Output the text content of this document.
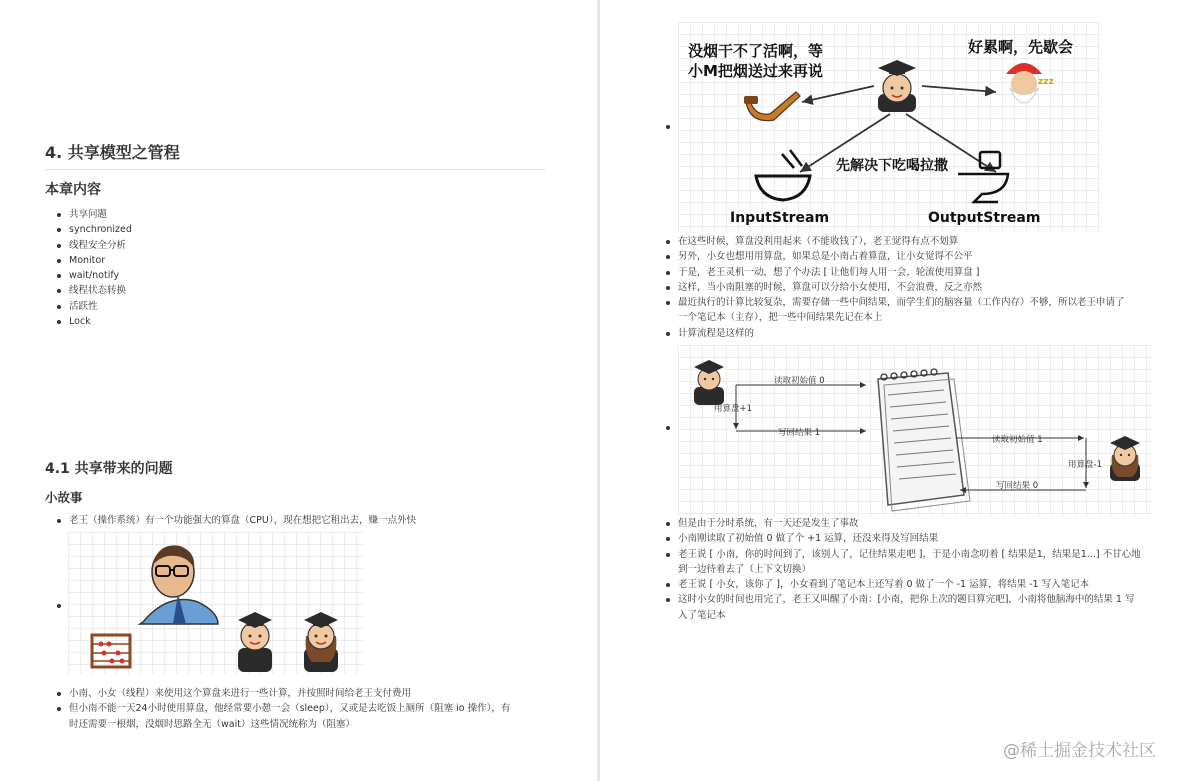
4. 共享模型之管程
本章内容
共享问题
synchronized
线程安全分析
Monitor
wait/notify
线程状态转换
活跃性
Lock
4.1 共享带来的问题
小故事
老王（操作系统）有一个功能强大的算盘（CPU），现在想把它租出去，赚一点外快
小南、小女（线程）来使用这个算盘来进行一些计算，并按照时间给老王支付费用
但小南不能一天24小时使用算盘，他经常要小憩一会（sleep），又或是去吃饭上厕所（阻塞 io 操作），有
时还需要一根烟，没烟时思路全无（wait）这些情况统称为（阻塞）
没烟干不了活啊，等
小M把烟送过来再说
好累啊，先歇会
zzz
先解决下吃喝拉撒
InputStream	OutputStream
在这些时候，算盘没利用起来（不能收钱了），老王觉得有点不划算
另外，小女也想用用算盘，如果总是小南占着算盘，让小女觉得不公平
于是，老王灵机一动，想了个办法 [ 让他们每人用一会，轮流使用算盘 ]
这样，当小南阻塞的时候，算盘可以分给小女使用，不会浪费，反之亦然
最近执行的计算比较复杂，需要存储一些中间结果，而学生们的脑容量（工作内存）不够，所以老王申请了
一个笔记本（主存），把一些中间结果先记在本上
计算流程是这样的
读取初始值 0
用算盘+1
写回结果 1
读取初始值 1
用算盘-1
写回结果 0
但是由于分时系统，有一天还是发生了事故
小南刚读取了初始值 0 做了个 +1 运算，还没来得及写回结果
老王说 [ 小南，你的时间到了，该别人了，记住结果走吧 ]，于是小南念叨着 [ 结果是1，结果是1...] 不甘心地
到一边待着去了（上下文切换）
老王说 [ 小女，该你了 ]，小女看到了笔记本上还写着 0 做了一个 -1 运算，将结果 -1 写入笔记本
这时小女的时间也用完了，老王又叫醒了小南：[小南，把你上次的题目算完吧]，小南将他脑海中的结果 1 写
入了笔记本
@稀土掘金技术社区
